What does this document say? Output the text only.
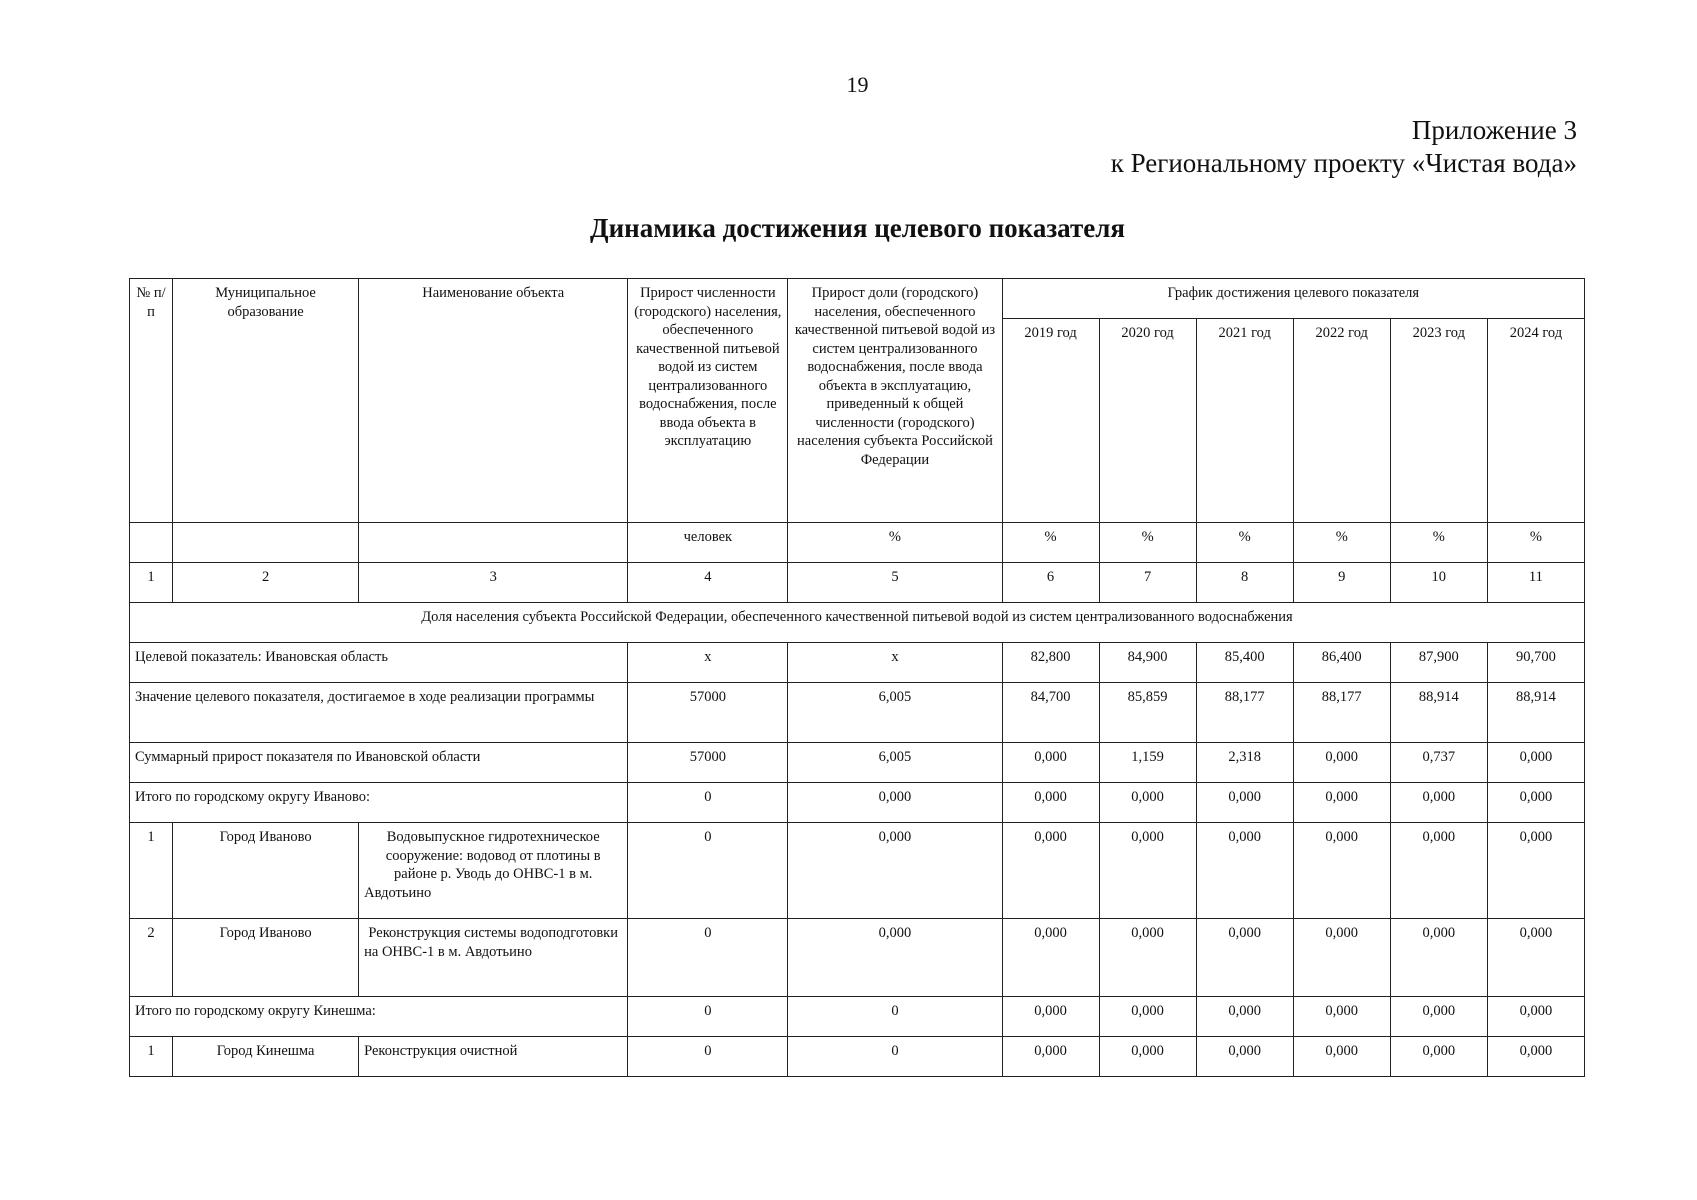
19
Приложение 3
к Региональному проекту «Чистая вода»
Динамика достижения целевого показателя
№ п/п	Муниципальное образование	Наименование объекта	Прирост численности (городского) населения, обеспеченного качественной питьевой водой из систем централизованного водоснабжения, после ввода объекта в эксплуатацию	Прирост доли (городского) населения, обеспеченного качественной питьевой водой из систем централизованного водоснабжения, после ввода объекта в эксплуатацию, приведенный к общей численности (городского) населения субъекта Российской Федерации	График достижения целевого показателя					
					2019 год	2020 год	2021 год	2022 год	2023 год	2024 год
			человек	%	%	%	%	%	%	%
1	2	3	4	5	6	7	8	9	10	11
Доля населения субъекта Российской Федерации, обеспеченного качественной питьевой водой из систем централизованного водоснабжения										
Целевой показатель: Ивановская область			x	x	82,800	84,900	85,400	86,400	87,900	90,700
Значение целевого показателя, достигаемое в ходе реализации программы			57000	6,005	84,700	85,859	88,177	88,177	88,914	88,914
Суммарный прирост показателя по Ивановской области			57000	6,005	0,000	1,159	2,318	0,000	0,737	0,000
Итого по городскому округу Иваново:			0	0,000	0,000	0,000	0,000	0,000	0,000	0,000
1	Город Иваново	Водовыпускное гидротехническое сооружение: водовод от плотины в районе р. Уводь до ОНВС-1 в м. Авдотьино	0	0,000	0,000	0,000	0,000	0,000	0,000	0,000
2	Город Иваново	Реконструкция системы водоподготовки на ОНВС-1 в м. Авдотьино	0	0,000	0,000	0,000	0,000	0,000	0,000	0,000
Итого по городскому округу Кинешма:			0	0	0,000	0,000	0,000	0,000	0,000	0,000
1	Город Кинешма	Реконструкция очистной	0	0	0,000	0,000	0,000	0,000	0,000	0,000
